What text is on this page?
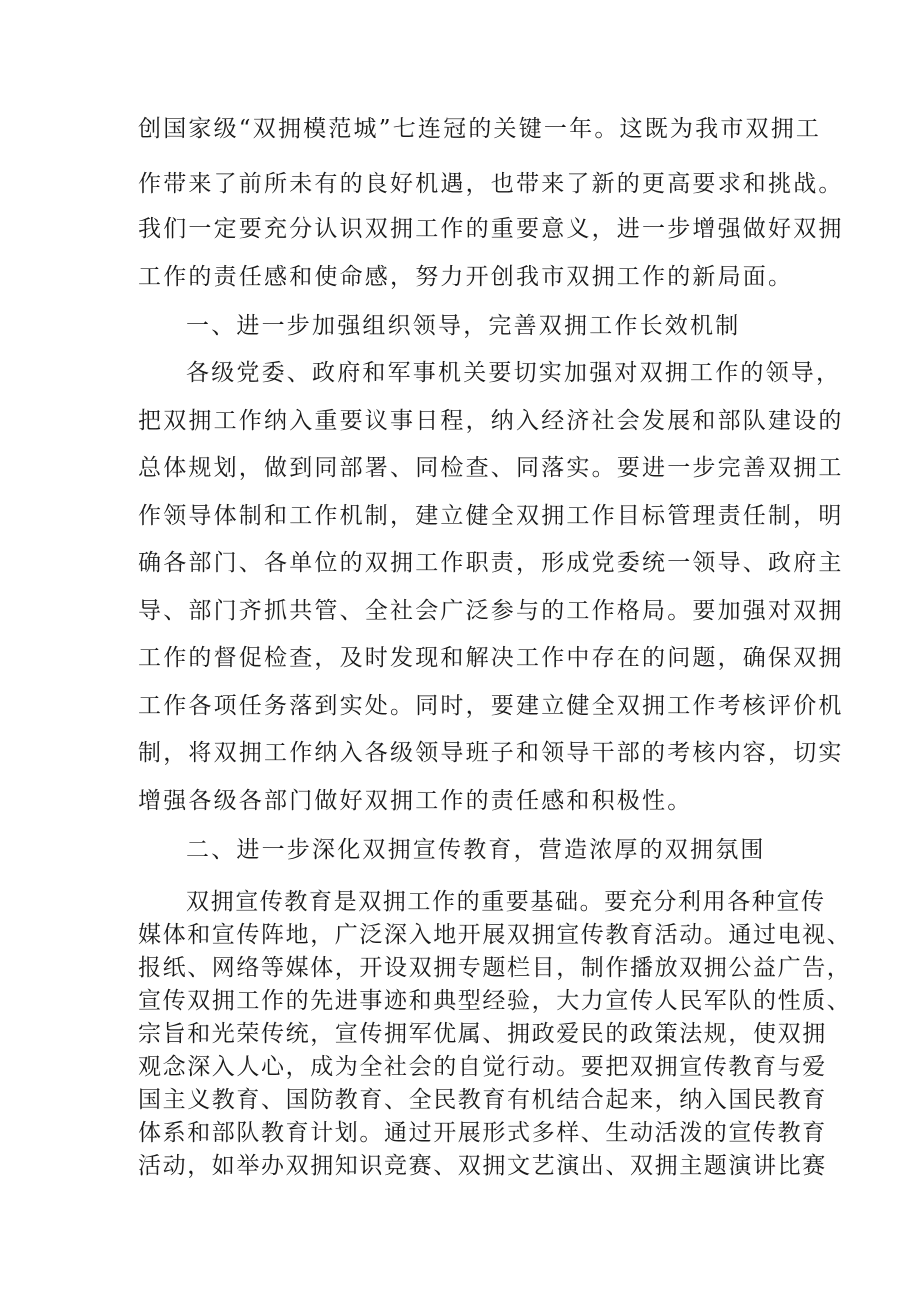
创国家级“双拥模范城”七连冠的关键一年。这既为我市双拥工

作带来了前所未有的良好机遇，也带来了新的更高要求和挑战。

我们一定要充分认识双拥工作的重要意义，进一步增强做好双拥

工作的责任感和使命感，努力开创我市双拥工作的新局面。

一、进一步加强组织领导，完善双拥工作长效机制

各级党委、政府和军事机关要切实加强对双拥工作的领导，

把双拥工作纳入重要议事日程，纳入经济社会发展和部队建设的

总体规划，做到同部署、同检查、同落实。要进一步完善双拥工

作领导体制和工作机制，建立健全双拥工作目标管理责任制，明

确各部门、各单位的双拥工作职责，形成党委统一领导、政府主

导、部门齐抓共管、全社会广泛参与的工作格局。要加强对双拥

工作的督促检查，及时发现和解决工作中存在的问题，确保双拥

工作各项任务落到实处。同时，要建立健全双拥工作考核评价机

制，将双拥工作纳入各级领导班子和领导干部的考核内容，切实

增强各级各部门做好双拥工作的责任感和积极性。

二、进一步深化双拥宣传教育，营造浓厚的双拥氛围

双拥宣传教育是双拥工作的重要基础。要充分利用各种宣传

媒体和宣传阵地，广泛深入地开展双拥宣传教育活动。通过电视、

报纸、网络等媒体，开设双拥专题栏目，制作播放双拥公益广告，

宣传双拥工作的先进事迹和典型经验，大力宣传人民军队的性质、

宗旨和光荣传统，宣传拥军优属、拥政爱民的政策法规，使双拥

观念深入人心，成为全社会的自觉行动。要把双拥宣传教育与爱

国主义教育、国防教育、全民教育有机结合起来，纳入国民教育

体系和部队教育计划。通过开展形式多样、生动活泼的宣传教育

活动，如举办双拥知识竞赛、双拥文艺演出、双拥主题演讲比赛
